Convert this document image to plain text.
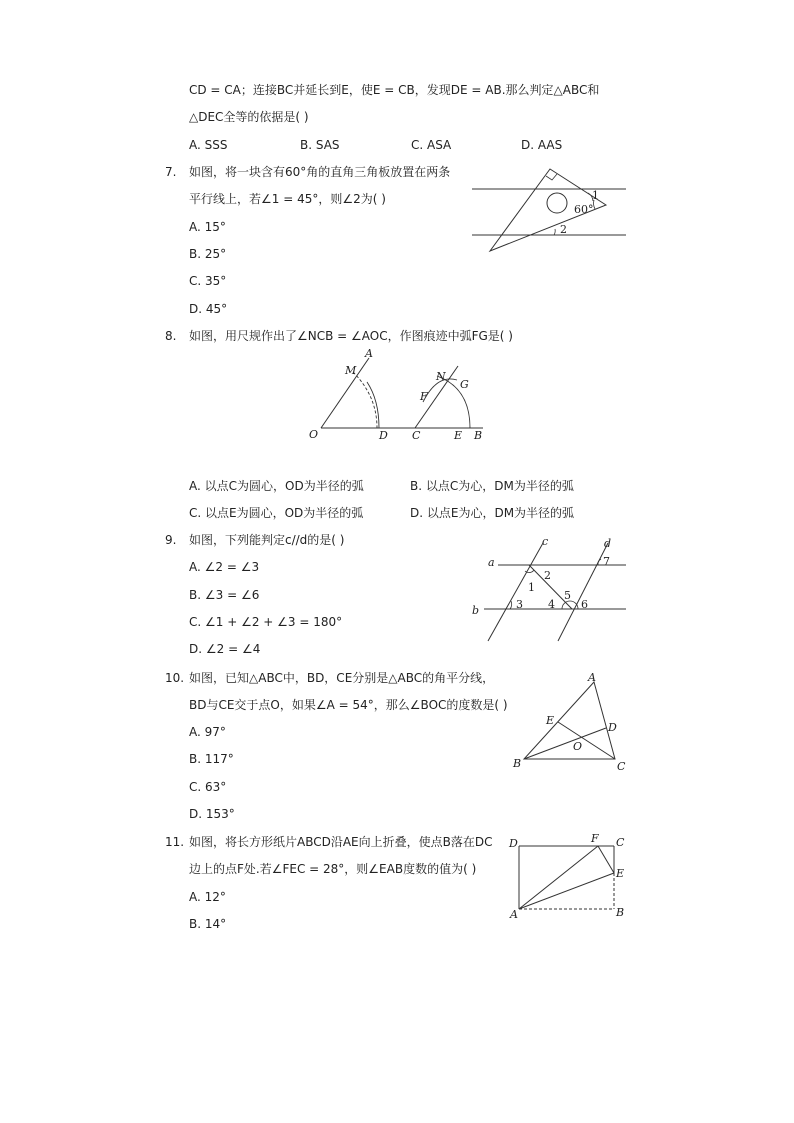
CD = CA；连接BC并延长到E，使E = CB，发现DE = AB.那么判定△ABC和
△DEC全等的依据是( )
A. SSS	B. SAS	C. ASA	D. AAS
7. 如图，将一块含有60°角的直角三角板放置在两条
平行线上，若∠1 = 45°，则∠2为( )
A. 15°
B. 25°
C. 35°
D. 45°
1
60°
2
8. 如图，用尺规作出了∠NCB = ∠AOC，作图痕迹中弧FG是( )
A
M
O	D C
N
F
G
E B
A. 以点C为圆心，OD为半径的弧	B. 以点C为心，DM为半径的弧
C. 以点E为圆心，OD为半径的弧	D. 以点E为心，DM为半径的弧
9. 如图，下列能判定c//d的是( )
A. ∠2 = ∠3
B. ∠3 = ∠6
C. ∠1 + ∠2 + ∠3 = 180°
D. ∠2 = ∠4
a
b
c	d
1
2
3 4
5
6
7
10. 如图，已知△ABC中，BD，CE分别是△ABC的角平分线，
BD与CE交于点O，如果∠A = 54°，那么∠BOC的度数是( )
A. 97°
B. 117°
C. 63°
D. 153°
A
B	C
D
E
O
11. 如图，将长方形纸片ABCD沿AE向上折叠，使点B落在DC
边上的点F处.若∠FEC = 28°，则∠EAB度数的值为( )
A. 12°
B. 14°
D	F C
E
A	B
